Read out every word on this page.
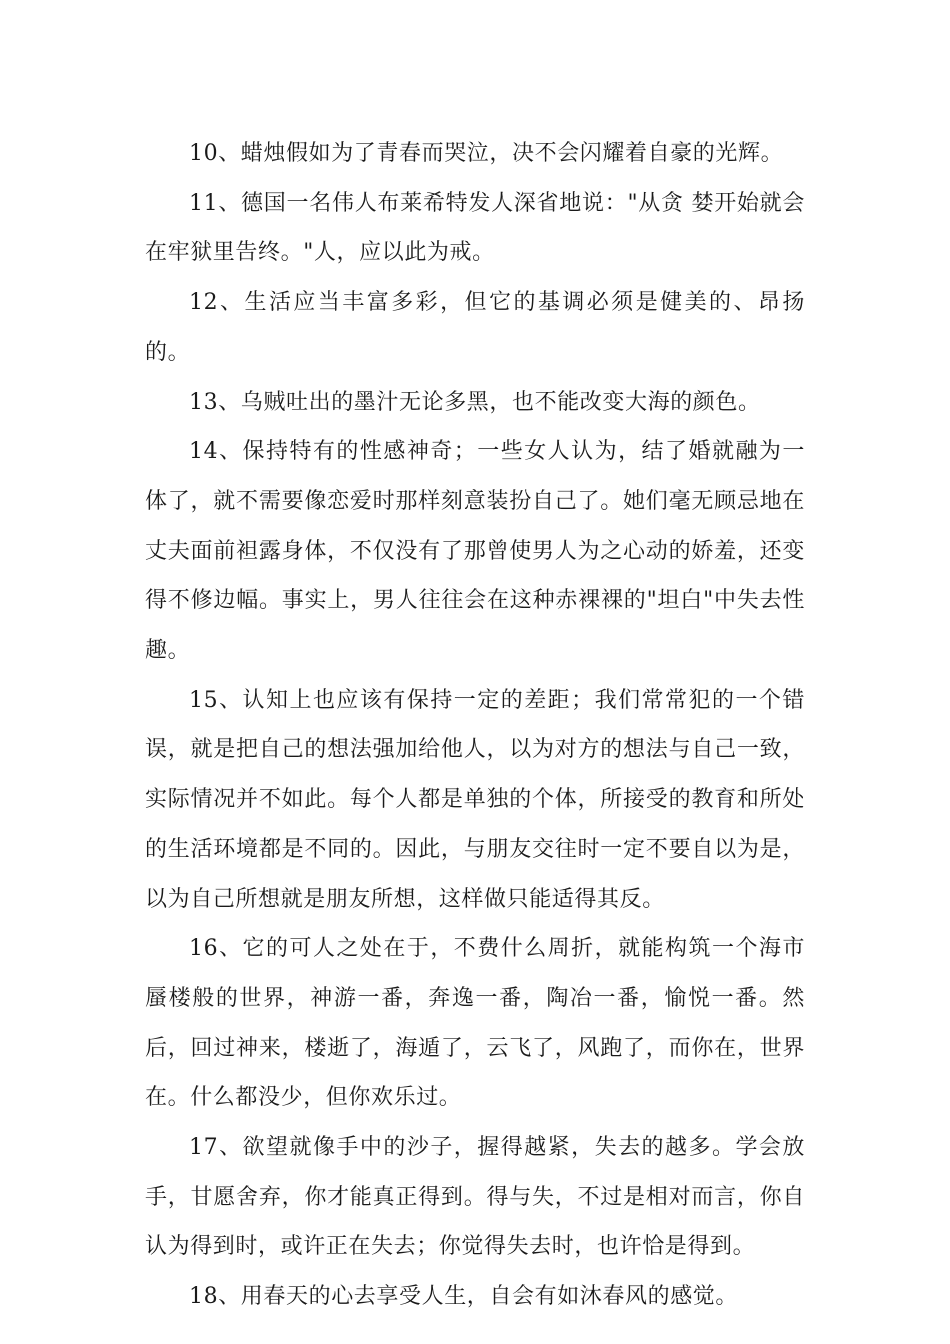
10、蜡烛假如为了青春而哭泣，决不会闪耀着自豪的光辉。

11、德国一名伟人布莱希特发人深省地说："从贪 婪开始就会在牢狱里告终。"人，应以此为戒。

12、生活应当丰富多彩，但它的基调必须是健美的、昂扬的。

13、乌贼吐出的墨汁无论多黑，也不能改变大海的颜色。

14、保持特有的性感神奇；一些女人认为，结了婚就融为一体了，就不需要像恋爱时那样刻意装扮自己了。她们毫无顾忌地在丈夫面前袒露身体，不仅没有了那曾使男人为之心动的娇羞，还变得不修边幅。事实上，男人往往会在这种赤裸裸的"坦白"中失去性趣。

15、认知上也应该有保持一定的差距；我们常常犯的一个错误，就是把自己的想法强加给他人，以为对方的想法与自己一致，实际情况并不如此。每个人都是单独的个体，所接受的教育和所处的生活环境都是不同的。因此，与朋友交往时一定不要自以为是，以为自己所想就是朋友所想，这样做只能适得其反。

16、它的可人之处在于，不费什么周折，就能构筑一个海市蜃楼般的世界，神游一番，奔逸一番，陶冶一番，愉悦一番。然后，回过神来，楼逝了，海遁了，云飞了，风跑了，而你在，世界在。什么都没少，但你欢乐过。

17、欲望就像手中的沙子，握得越紧，失去的越多。学会放手，甘愿舍弃，你才能真正得到。得与失，不过是相对而言，你自认为得到时，或许正在失去；你觉得失去时，也许恰是得到。

18、用春天的心去享受人生，自会有如沐春风的感觉。
